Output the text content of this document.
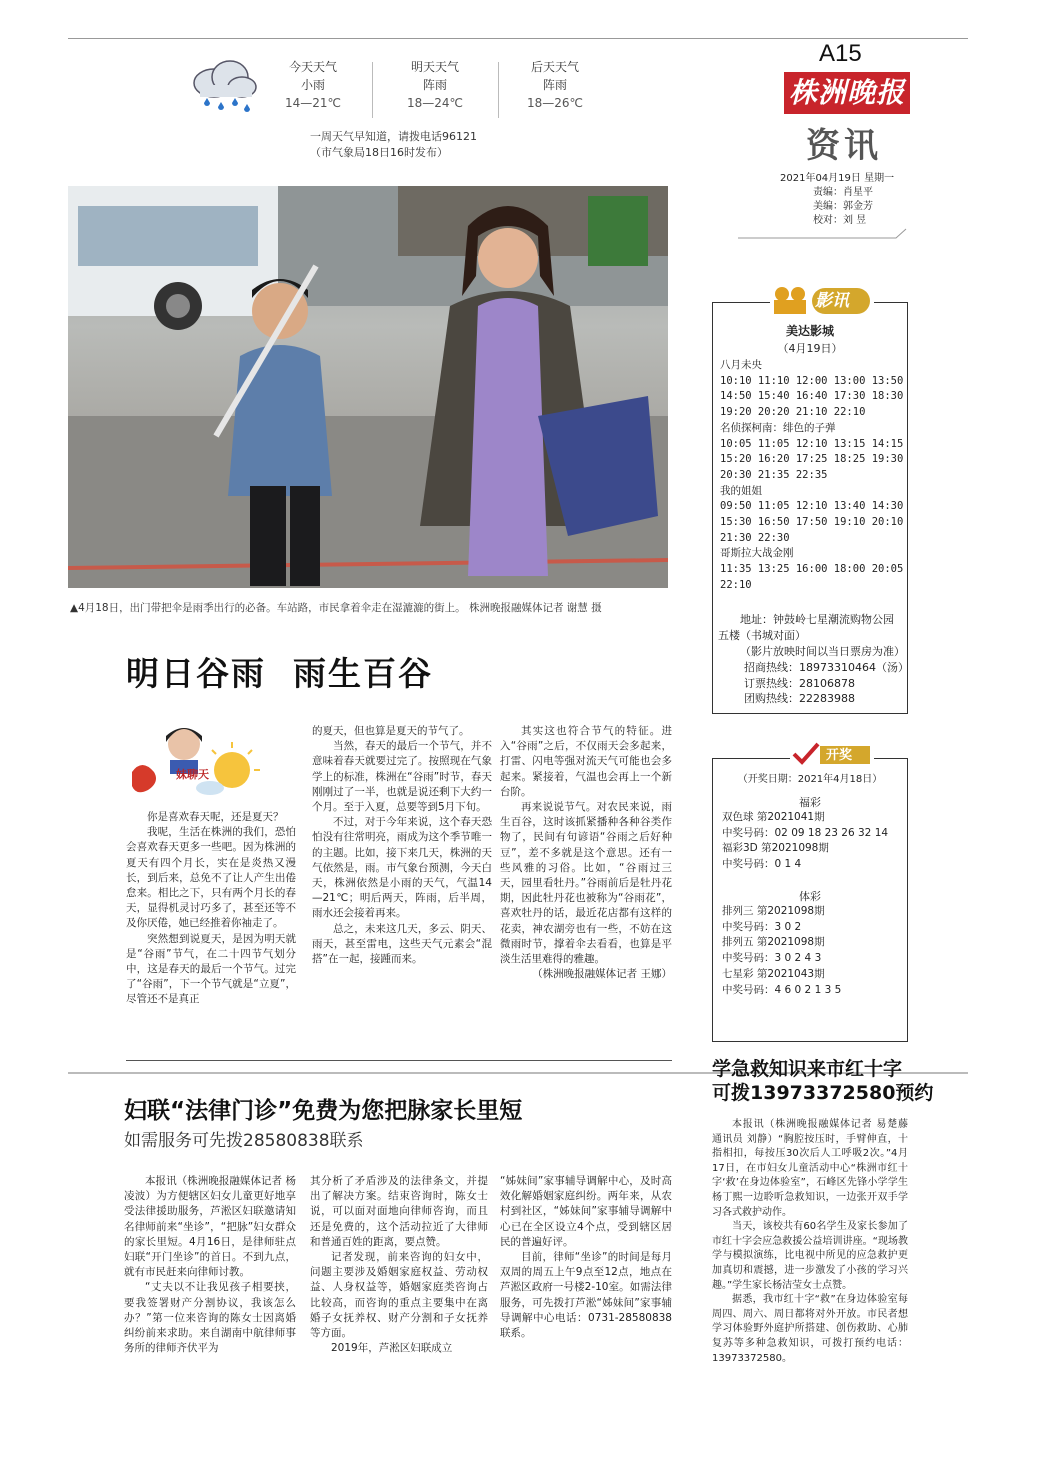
A15
株洲晚报
资讯
2021年04月19日 星期一
责编：肖星平
美编：郭金芳
校对：刘 昱
今天天气
小雨
14—21℃
明天天气
阵雨
18—24℃
后天天气
阵雨
18—26℃
一周天气早知道，请拨电话96121
（市气象局18日16时发布）
▲4月18日，出门带把伞是雨季出行的必备。车站路，市民拿着伞走在湿漉漉的街上。 株洲晚报融媒体记者 谢慧 摄
明日谷雨  雨生百谷
妹聊天

你是喜欢春天呢，还是夏天？

我呢，生活在株洲的我们，恐怕会喜欢春天更多一些吧。因为株洲的夏天有四个月长，实在是炎热又漫长，到后来，总免不了让人产生出倦怠来。相比之下，只有两个月长的春天，显得机灵讨巧多了，甚至还等不及你厌倦，她已经推着你袖走了。

突然想到说夏天，是因为明天就是“谷雨”节气，在二十四节气划分中，这是春天的最后一个节气。过完了“谷雨”，下一个节气就是“立夏”，尽管还不是真正

的夏天，但也算是夏天的节气了。

当然，春天的最后一个节气，并不意味着春天就要过完了。按照现在气象学上的标准，株洲在“谷雨”时节，春天刚刚过了一半，也就是说还剩下大约一个月。至于入夏，总要等到5月下旬。

不过，对于今年来说，这个春天恐怕没有往常明亮，雨成为这个季节唯一的主题。比如，接下来几天，株洲的天气依然是，雨。市气象台预测，今天白天，株洲依然是小雨的天气，气温14—21℃；明后两天，阵雨，后半周，雨水还会接着再来。

总之，未来这几天，多云、阴天、雨天，甚至雷电，这些天气元素会“混搭”在一起，接踵而来。

其实这也符合节气的特征。进入“谷雨”之后，不仅雨天会多起来，打雷、闪电等强对流天气可能也会多起来。紧接着，气温也会再上一个新台阶。

再来说说节气。对农民来说，雨生百谷，这时该抓紧播种各种谷类作物了，民间有句谚语“谷雨之后好种豆”，差不多就是这个意思。还有一些风雅的习俗。比如，“谷雨过三天，园里看牡丹。”谷雨前后是牡丹花期，因此牡丹花也被称为“谷雨花”，喜欢牡丹的话，最近花店都有这样的花卖，神农湖旁也有一些，不妨在这微雨时节，撑着伞去看看，也算是平淡生活里难得的雅趣。

（株洲晚报融媒体记者 王娜）

影讯
美达影城
（4月19日）
八月未央
10:10 11:10 12:00 13:00 13:50
14:50 15:40 16:40 17:30 18:30
19:20 20:20 21:10 22:10
名侦探柯南：绯色的子弹
10:05 11:05 12:10 13:15 14:15
15:20 16:20 17:25 18:25 19:30
20:30 21:35 22:35
我的姐姐
09:50 11:05 12:10 13:40 14:30
15:30 16:50 17:50 19:10 20:10
21:30 22:30
哥斯拉大战金刚
11:35 13:25 16:00 18:00 20:05
22:10
地址：钟鼓岭七星潮流购物公园五楼（书城对面）
（影片放映时间以当日票房为准）
招商热线：18973310464（汤）
订票热线：28106878
团购热线：22283988
开奖
（开奖日期：2021年4月18日）
福彩
双色球 第2021041期
中奖号码：02 09 18 23 26 32 14
福彩3D 第2021098期
中奖号码：0 1 4
体彩
排列三 第2021098期
中奖号码：3 0 2
排列五 第2021098期
中奖号码：3 0 2 4 3
七星彩 第2021043期
中奖号码：4 6 0 2 1 3 5
妇联“法律门诊”免费为您把脉家长里短
如需服务可先拨28580838联系

本报讯（株洲晚报融媒体记者 杨凌波）为方便辖区妇女儿童更好地享受法律援助服务，芦淞区妇联邀请知名律师前来“坐诊”，“把脉”妇女群众的家长里短。4月16日，是律师驻点妇联“开门坐诊”的首日。不到九点，就有市民赶来向律师讨教。

“丈夫以不让我见孩子相要挟，要我签署财产分割协议，我该怎么办？”第一位来咨询的陈女士因离婚纠纷前来求助。来自湖南中航律师事务所的律师齐伏平为

其分析了矛盾涉及的法律条文，并提出了解决方案。结束咨询时，陈女士说，可以面对面地向律师咨询，而且还是免费的，这个活动拉近了大律师和普通百姓的距离，要点赞。

记者发现，前来咨询的妇女中，问题主要涉及婚姻家庭权益、劳动权益、人身权益等，婚姻家庭类咨询占比较高，而咨询的重点主要集中在离婚子女抚养权、财产分割和子女抚养等方面。

2019年，芦淞区妇联成立

“姊妹间”家事辅导调解中心，及时高效化解婚姻家庭纠纷。两年来，从农村到社区，“姊妹间”家事辅导调解中心已在全区设立4个点，受到辖区居民的普遍好评。

目前，律师“坐诊”的时间是每月双周的周五上午9点至12点，地点在芦淞区政府一号楼2-10室。如需法律服务，可先拨打芦淞“姊妹间”家事辅导调解中心电话：0731-28580838联系。

学急救知识来市红十字
可拨13973372580预约

本报讯（株洲晚报融媒体记者 易楚藤 通讯员 刘静）“胸腔按压时，手臂伸直，十指相扣，每按压30次后人工呼吸2次。”4月17日，在市妇女儿童活动中心“株洲市红十字‘救’在身边体验室”，石峰区先锋小学学生杨丁熙一边聆听急救知识，一边张开双手学习各式救护动作。

当天，该校共有60名学生及家长参加了市红十字会应急救援公益培训讲座。“现场教学与模拟演练，比电视中所见的应急救护更加真切和震撼，进一步激发了小孩的学习兴趣。”学生家长杨洁莹女士点赞。

据悉，我市红十字“救”在身边体验室每周四、周六、周日都将对外开放。市民者想学习体验野外庭护所搭建、创伤救助、心肺复苏等多种急救知识，可拨打预约电话：13973372580。
